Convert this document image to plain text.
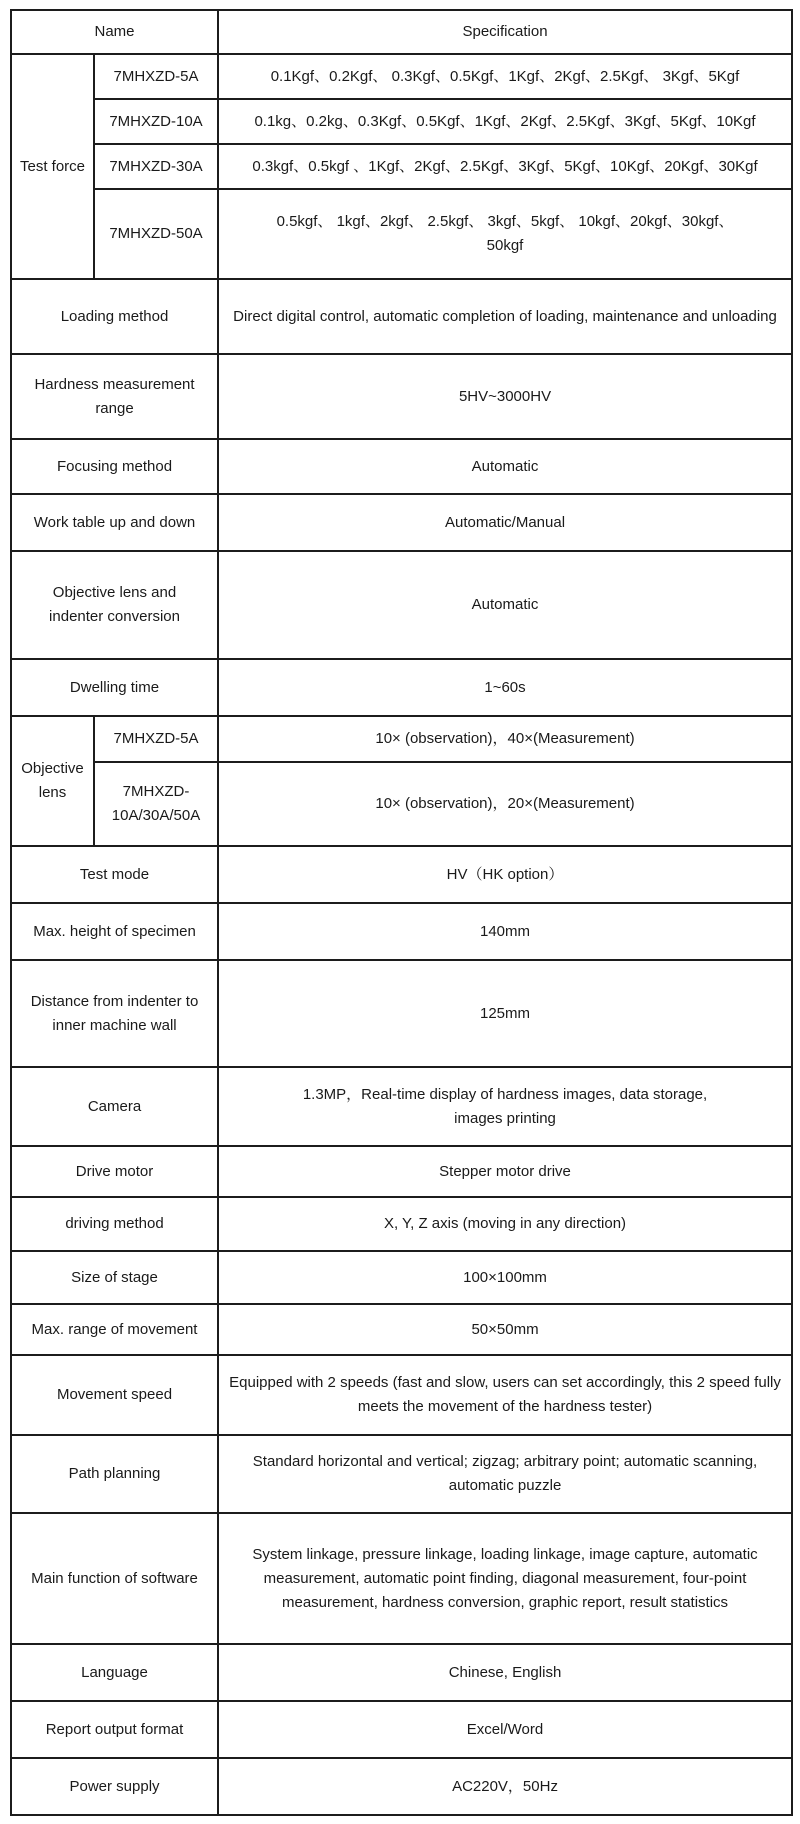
Name		Specification
Test force	7MHXZD-5A	0.1Kgf、0.2Kgf、 0.3Kgf、0.5Kgf、1Kgf、2Kgf、2.5Kgf、 3Kgf、5Kgf
	7MHXZD-10A	0.1kg、0.2kg、0.3Kgf、0.5Kgf、1Kgf、2Kgf、2.5Kgf、3Kgf、5Kgf、10Kgf
	7MHXZD-30A	0.3kgf、0.5kgf 、1Kgf、2Kgf、2.5Kgf、3Kgf、5Kgf、10Kgf、20Kgf、30Kgf
	7MHXZD-50A	0.5kgf、 1kgf、2kgf、 2.5kgf、 3kgf、5kgf、 10kgf、20kgf、30kgf、
50kgf
Loading method		Direct digital control, automatic completion of loading, maintenance and unloading
Hardness measurement range		5HV~3000HV
Focusing method		Automatic
Work table up and down		Automatic/Manual
Objective lens and
indenter conversion		Automatic
Dwelling time		1~60s
Objective
lens	7MHXZD-5A	10× (observation)，40×(Measurement)
	7MHXZD-
10A/30A/50A	10× (observation)，20×(Measurement)
Test mode		HV（HK option）
Max. height of specimen		140mm
Distance from indenter to
inner machine wall		125mm
Camera		1.3MP，Real-time display of hardness images, data storage,
images printing
Drive motor		Stepper motor drive
driving method		X, Y, Z axis (moving in any direction)
Size of stage		100×100mm
Max. range of movement		50×50mm
Movement speed		Equipped with 2 speeds (fast and slow, users can set accordingly, this 2 speed fully meets the movement of the hardness tester)
Path planning		Standard horizontal and vertical; zigzag; arbitrary point; automatic scanning, automatic puzzle
Main function of software		System linkage, pressure linkage, loading linkage, image capture, automatic measurement, automatic point finding, diagonal measurement, four-point measurement, hardness conversion, graphic report, result statistics
Language		Chinese, English
Report output format		Excel/Word
Power supply		AC220V，50Hz
